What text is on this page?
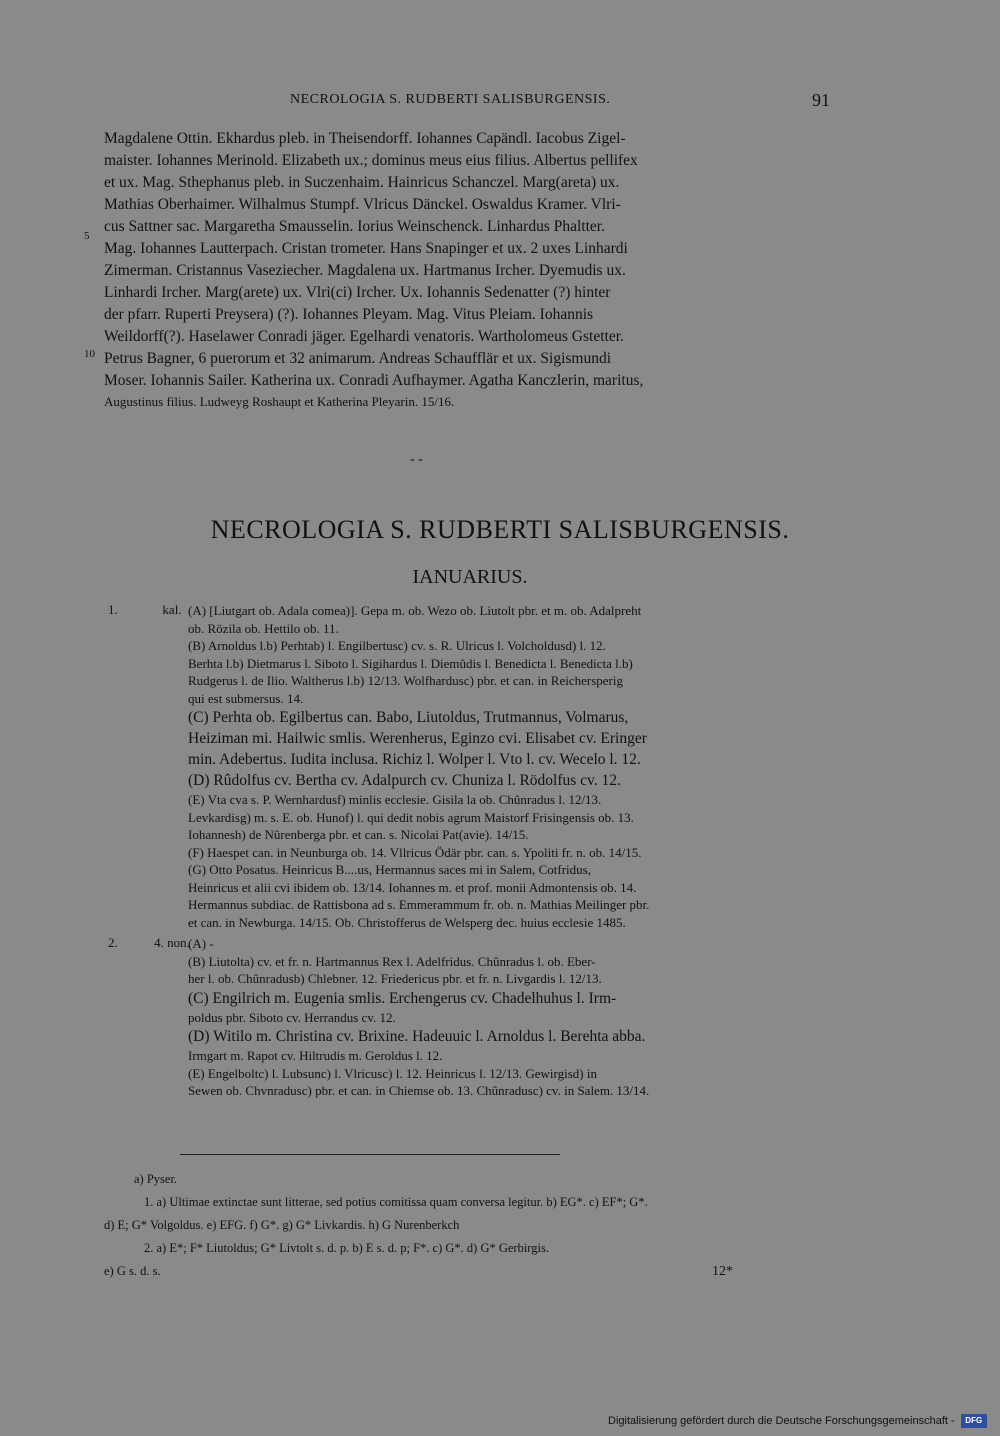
NECROLOGIA S. RUDBERTI SALISBURGENSIS.	91
5
10
Magdalene Ottin. Ekhardus pleb. in Theisendorff. Iohannes Capändl. Iacobus Zigel-
maister. Iohannes Merinold. Elizabeth ux.; dominus meus eius filius. Albertus pellifex
et ux. Mag. Sthephanus pleb. in Suczenhaim. Hainricus Schanczel. Marg(areta) ux.
Mathias Oberhaimer. Wilhalmus Stumpf. Vlricus Dänckel. Oswaldus Kramer. Vlri-
cus Sattner sac. Margaretha Smausselin. Iorius Weinschenck. Linhardus Phaltter.
Mag. Iohannes Lautterpach. Cristan trometer. Hans Snapinger et ux. 2 uxes Linhardi
Zimerman. Cristannus Vaseziecher. Magdalena ux. Hartmanus Ircher. Dyemudis ux.
Linhardi Ircher. Marg(arete) ux. Vlri(ci) Ircher. Ux. Iohannis Sedenatter (?) hinter
der pfarr. Ruperti Preysera) (?). Iohannes Pleyam. Mag. Vitus Pleiam. Iohannis
Weildorff(?). Haselawer Conradi jäger. Egelhardi venatoris. Wartholomeus Gstetter.
Petrus Bagner, 6 puerorum et 32 animarum. Andreas Schaufflär et ux. Sigismundi
Moser. Iohannis Sailer. Katherina ux. Conradi Aufhaymer. Agatha Kanczlerin, maritus,
Augustinus filius. Ludweyg Roshaupt et Katherina Pleyarin. 15/16.
- -
NECROLOGIA S. RUDBERTI SALISBURGENSIS.
IANUARIUS.
1.	kal. (A) [Liutgart ob. Adala comea)]. Gepa m. ob. Wezo ob. Liutolt pbr. et m. ob. Adalpreht
ob. Rözila ob. Hettilo ob. 11.
(B) Arnoldus l.b) Perhtab) l. Engilbertusc) cv. s. R. Ulricus l. Volcholdusd) l. 12.
Berhta l.b) Dietmarus l. Siboto l. Sigihardus l. Diemûdis l. Benedicta l. Benedicta l.b)
Rudgerus l. de Ilio. Waltherus l.b) 12/13. Wolfhardusc) pbr. et can. in Reichersperig
qui est submersus. 14.
(C) Perhta ob. Egilbertus can. Babo, Liutoldus, Trutmannus, Volmarus,
Heiziman mi. Hailwic smlis. Werenherus, Eginzo cvi. Elisabet cv. Eringer
min. Adebertus. Iudita inclusa. Richiz l. Wolper l. Vto l. cv. Wecelo l. 12.
(D) Rûdolfus cv. Bertha cv. Adalpurch cv. Chuniza l. Rödolfus cv. 12.
(E) Vta cva s. P. Wernhardusf) minlis ecclesie. Gisila la ob. Chûnradus l. 12/13.
Levkardisg) m. s. E. ob. Hunof) l. qui dedit nobis agrum Maistorf Frisingensis ob. 13.
Iohannesh) de Nûrenberga pbr. et can. s. Nicolai Pat(avie). 14/15.
(F) Haespet can. in Neunburga ob. 14. Vllricus Ödär pbr. can. s. Ypoliti fr. n. ob. 14/15.
(G) Otto Posatus. Heinricus B....us, Hermannus saces mi in Salem, Cotfridus,
Heinricus et alii cvi ibidem ob. 13/14. Iohannes m. et prof. monii Admontensis ob. 14.
Hermannus subdiac. de Rattisbona ad s. Emmerammum fr. ob. n. Mathias Meilinger pbr.
et can. in Newburga. 14/15. Ob. Christofferus de Welsperg dec. huius ecclesie 1485.
2.	4. non.
(A) -
(B) Liutolta) cv. et fr. n. Hartmannus Rex l. Adelfridus. Chûnradus l. ob. Eber-
her l. ob. Chûnradusb) Chlebner. 12. Friedericus pbr. et fr. n. Livgardis l. 12/13.
(C) Engilrich m. Eugenia smlis. Erchengerus cv. Chadelhuhus l. Irm-
poldus pbr. Siboto cv. Herrandus cv. 12.
(D) Witilo m. Christina cv. Brixine. Hadeuuic l. Arnoldus l. Berehta abba.
Irmgart m. Rapot cv. Hiltrudis m. Geroldus l. 12.
(E) Engelboltc) l. Lubsunc) l. Vlricusc) l. 12. Heinricus l. 12/13. Gewirgisd) in
Sewen ob. Chvnradusc) pbr. et can. in Chiemse ob. 13. Chûnradusc) cv. in Salem. 13/14.
a) Pyser.
1. a) Ultimae extinctae sunt litterae, sed potius comitissa quam conversa legitur. b) EG*. c) EF*; G*.
d) E; G* Volgoldus. e) EFG. f) G*. g) G* Livkardis. h) G Nurenberkch
2. a) E*; F* Liutoldus; G* Livtolt s. d. p. b) E s. d. p; F*. c) G*. d) G* Gerbirgis.
e) G s. d. s.	12*
Digitalisierung gefördert durch die Deutsche Forschungsgemeinschaft - DFG
